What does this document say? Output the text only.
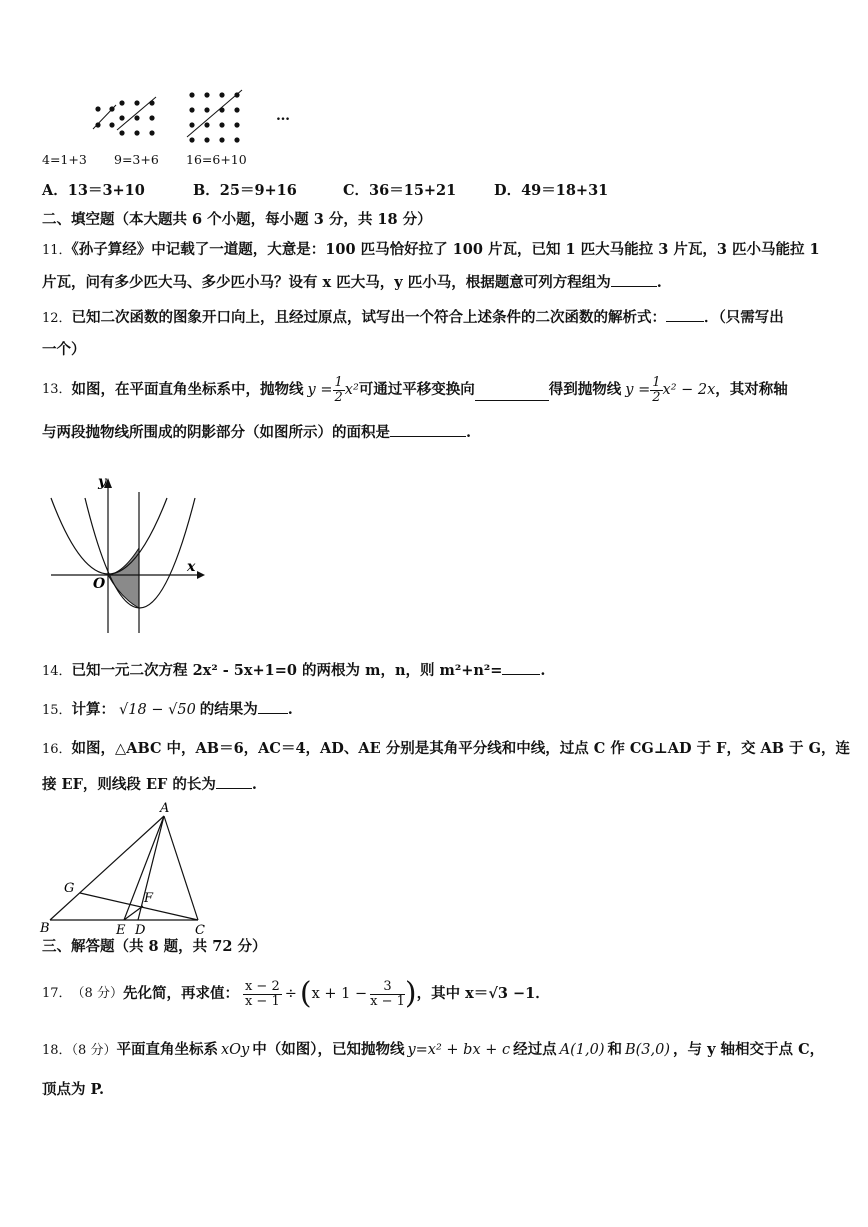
…
4=1+3 9=3+6 16=6+10
A．13＝3+10	B．25＝9+16	C．36＝15+21	D．49＝18+31
二、填空题（本大题共 6 个小题，每小题 3 分，共 18 分）
11．《孙子算经》中记载了一道题，大意是：100 匹马恰好拉了 100 片瓦，已知 1 匹大马能拉 3 片瓦，3 匹小马能拉 1
片瓦，问有多少匹大马、多少匹小马？设有 x 匹大马，y 匹小马，根据题意可列方程组为	.
12．已知二次函数的图象开口向上，且经过原点，试写出一个符合上述条件的二次函数的解析式：	．（只需写出
一个）
13． 如图，在平面直角坐标系中，抛物线 $y = \frac{1}{2} x^2$ 可通过平移变换向	得到抛物线 $y = \frac{1}{2} x^2 - 2x$ ，其对称轴
与两段抛物线所围成的阴影部分（如图所示）的面积是	.
y
x
O
14．已知一元二次方程 2x² - 5x+1=0 的两根为 m，n，则 m²+n²=	.
15．计算： √18 − √50 的结果为 .
16．如图，△ABC 中，AB＝6，AC＝4，AD、AE 分别是其角平分线和中线，过点 C 作 CG⊥AD 于 F，交 AB 于 G，连
接 EF，则线段 EF 的长为 .
A
B	C
D
E
F
G
三、解答题（共 8 题，共 72 分）
17． （8 分） 先化简，再求值： $\frac{x - 2}{x - 1}$ ÷ ( $x + 1 - \frac{3}{x - 1}$ ) ，其中 x＝ √3 −1．
18．（8 分）平面直角坐标系 xOy 中（如图），已知抛物线 y=x² + bx + c 经过点 A(1,0) 和 B(3,0) ，与 y 轴相交于点 C，
顶点为 P.
